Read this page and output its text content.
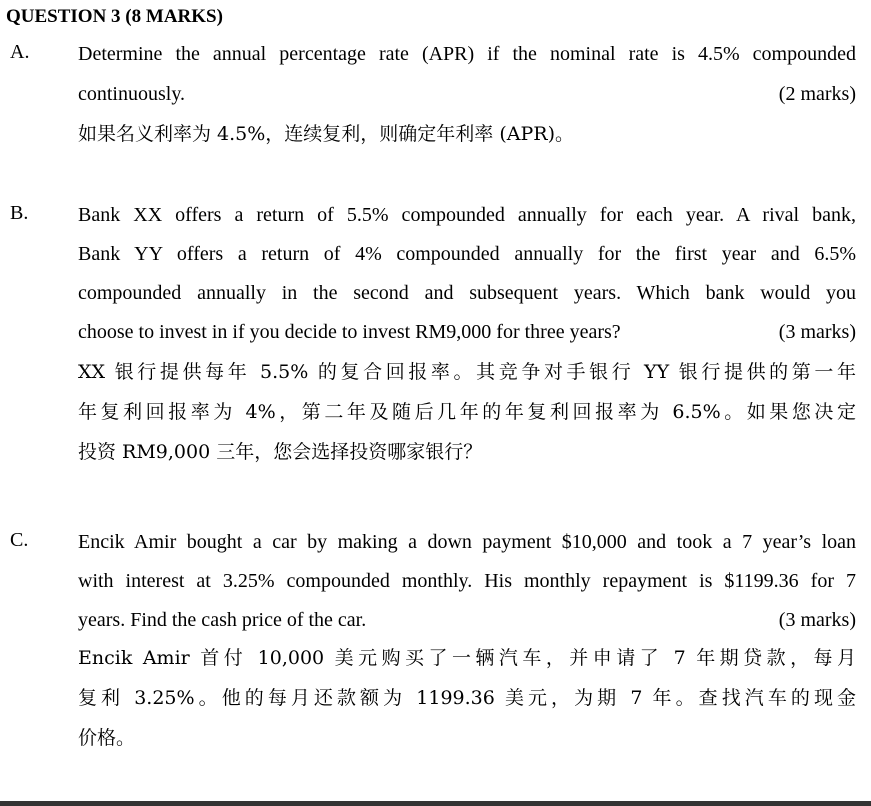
QUESTION 3 (8 MARKS)
A. Determine the annual percentage rate (APR) if the nominal rate is 4.5% compounded
continuously.	(2 marks)
如果名义利率为 4.5%，连续复利，则确定年利率 (APR)。
B. Bank XX offers a return of 5.5% compounded annually for each year. A rival bank,
Bank YY offers a return of 4% compounded annually for the first year and 6.5%
compounded annually in the second and subsequent years. Which bank would you
choose to invest in if you decide to invest RM9,000 for three years?	(3 marks)
XX 银行提供每年 5.5% 的复合回报率。其竞争对手银行 YY 银行提供的第一年
年复利回报率为 4%，第二年及随后几年的年复利回报率为 6.5%。如果您决定
投资 RM9,000 三年，您会选择投资哪家银行？
C. Encik Amir bought a car by making a down payment $10,000 and took a 7 year’s loan
with interest at 3.25% compounded monthly. His monthly repayment is $1199.36 for 7
years. Find the cash price of the car.	(3 marks)
Encik Amir 首付 10,000 美元购买了一辆汽车，并申请了 7 年期贷款，每月
复利 3.25%。他的每月还款额为 1199.36 美元，为期 7 年。查找汽车的现金
价格。
